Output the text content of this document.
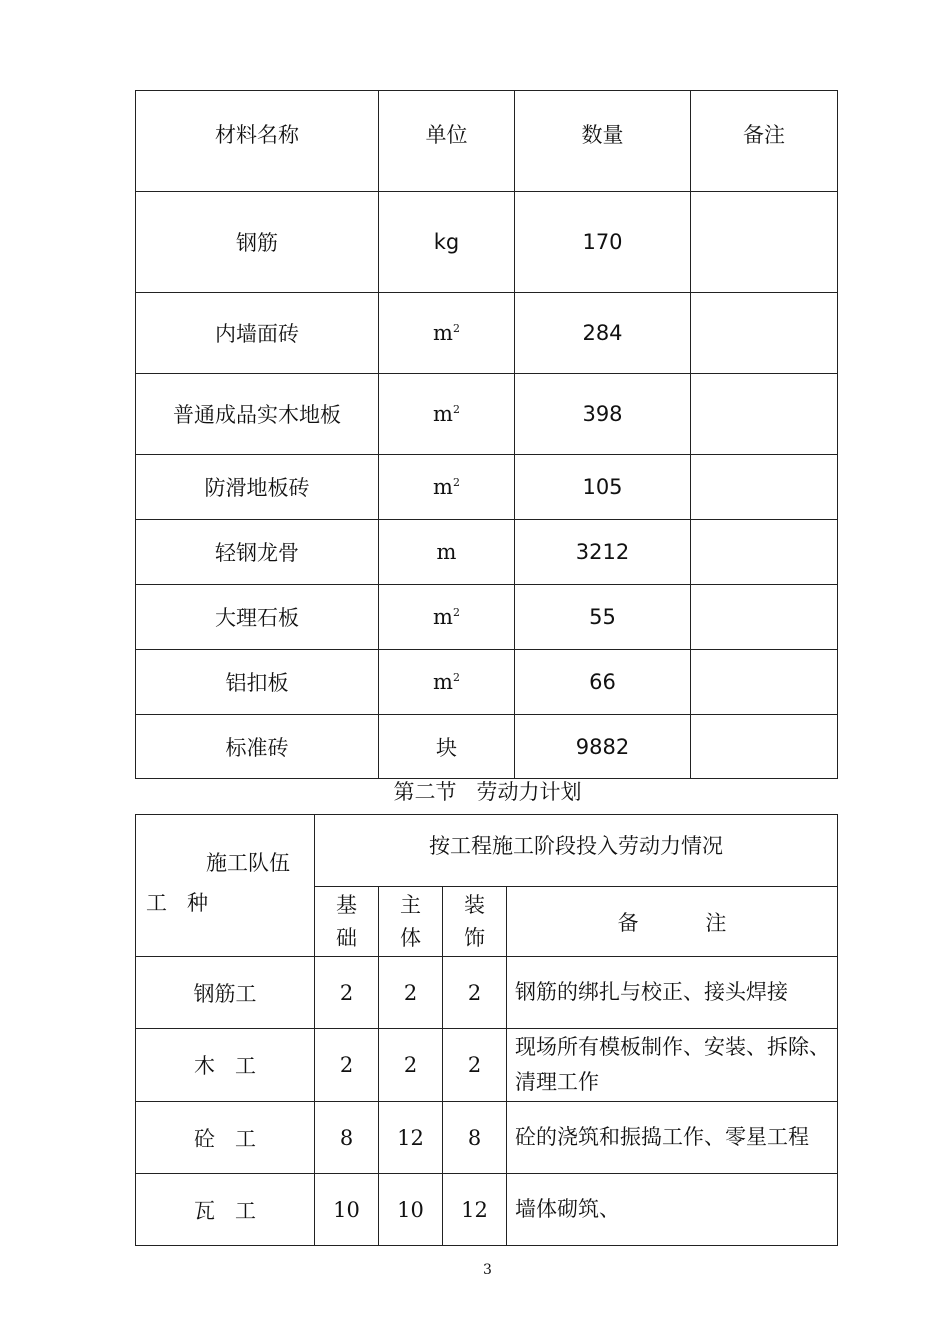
材料名称	单位	数量	备注
钢筋	kg	170	
内墙面砖	$m^2$	284	
普通成品实木地板	$m^2$	398	
防滑地板砖	$m^2$	105	
轻钢龙骨	m	3212	
大理石板	$m^2$	55	
铝扣板	$m^2$	66	
标准砖	块	9882	
第二节   劳动力计划
施工队伍
工   种	按工程施工阶段投入劳动力情况			

	基础	主体	装饰	备          注
钢筋工	2	2	2	钢筋的绑扎与校正、接头焊接
木   工	2	2	2	现场所有模板制作、安装、拆除、清理工作
砼   工	8	12	8	砼的浇筑和振捣工作、零星工程
瓦   工	10	10	12	墙体砌筑、
3
